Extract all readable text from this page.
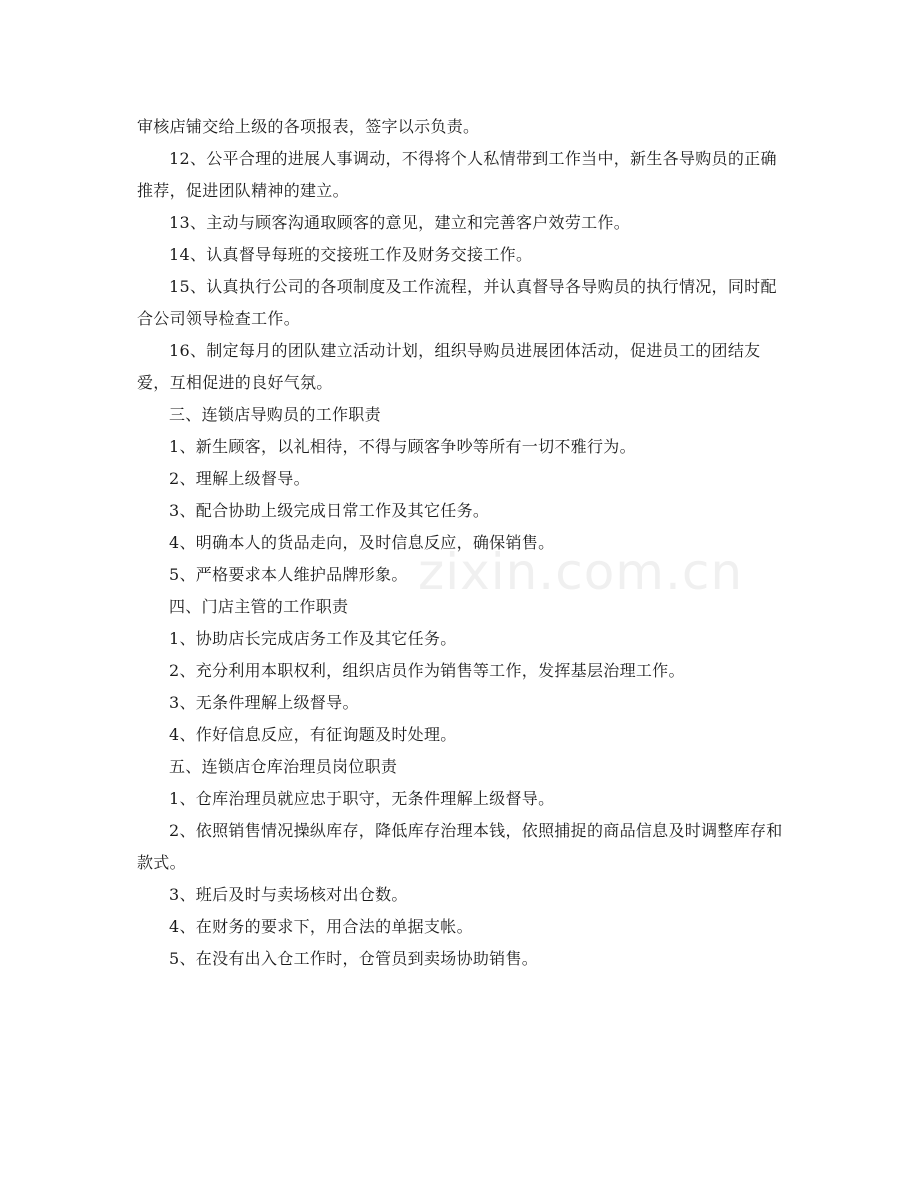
zixin.com.cn

审核店铺交给上级的各项报表，签字以示负责。

12、公平合理的进展人事调动，不得将个人私情带到工作当中，新生各导购员的正确推荐，促进团队精神的建立。

13、主动与顾客沟通取顾客的意见，建立和完善客户效劳工作。

14、认真督导每班的交接班工作及财务交接工作。

15、认真执行公司的各项制度及工作流程，并认真督导各导购员的执行情况，同时配合公司领导检查工作。

16、制定每月的团队建立活动计划，组织导购员进展团体活动，促进员工的团结友爱，互相促进的良好气氛。

三、连锁店导购员的工作职责

1、新生顾客，以礼相待，不得与顾客争吵等所有一切不雅行为。

2、理解上级督导。

3、配合协助上级完成日常工作及其它任务。

4、明确本人的货品走向，及时信息反应，确保销售。

5、严格要求本人维护品牌形象。

四、门店主管的工作职责

1、协助店长完成店务工作及其它任务。

2、充分利用本职权利，组织店员作为销售等工作，发挥基层治理工作。

3、无条件理解上级督导。

4、作好信息反应，有征询题及时处理。

五、连锁店仓库治理员岗位职责

1、仓库治理员就应忠于职守，无条件理解上级督导。

2、依照销售情况操纵库存，降低库存治理本钱，依照捕捉的商品信息及时调整库存和款式。

3、班后及时与卖场核对出仓数。

4、在财务的要求下，用合法的单据支帐。

5、在没有出入仓工作时，仓管员到卖场协助销售。
